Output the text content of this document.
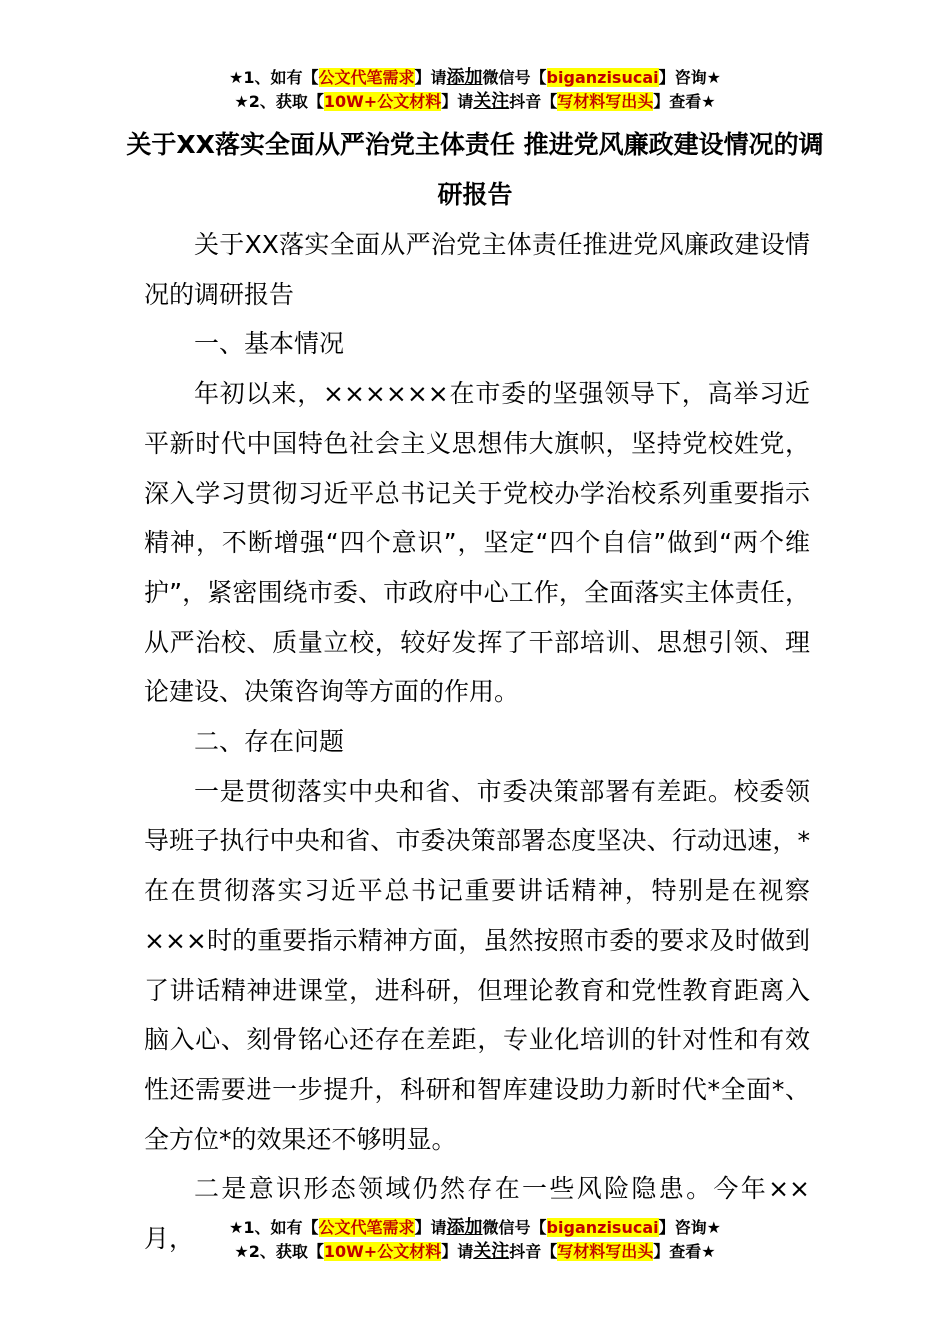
★1、如有【公文代笔需求】请添加微信号【biganzisucai】咨询★
★2、获取【10W+公文材料】请关注抖音【写材料写出头】查看★
关于XX落实全面从严治党主体责任 推进党风廉政建设情况的调研报告

关于XX落实全面从严治党主体责任推进党风廉政建设情况的调研报告

一、基本情况

年初以来，××××××在市委的坚强领导下，高举习近平新时代中国特色社会主义思想伟大旗帜，坚持党校姓党，深入学习贯彻习近平总书记关于党校办学治校系列重要指示精神，不断增强“四个意识”，坚定“四个自信”做到“两个维护”，紧密围绕市委、市政府中心工作，全面落实主体责任，从严治校、质量立校，较好发挥了干部培训、思想引领、理论建设、决策咨询等方面的作用。

二、存在问题

一是贯彻落实中央和省、市委决策部署有差距。校委领导班子执行中央和省、市委决策部署态度坚决、行动迅速，*在在贯彻落实习近平总书记重要讲话精神，特别是在视察×××时的重要指示精神方面，虽然按照市委的要求及时做到了讲话精神进课堂，进科研，但理论教育和党性教育距离入脑入心、刻骨铭心还存在差距，专业化培训的针对性和有效性还需要进一步提升，科研和智库建设助力新时代*全面*、全方位*的效果还不够明显。

二是意识形态领域仍然存在一些风险隐患。今年××月，	★1、如有【公文代笔需求】请添加微信号【biganzisucai】咨询★
★2、获取【10W+公文材料】请关注抖音【写材料写出头】查看★
